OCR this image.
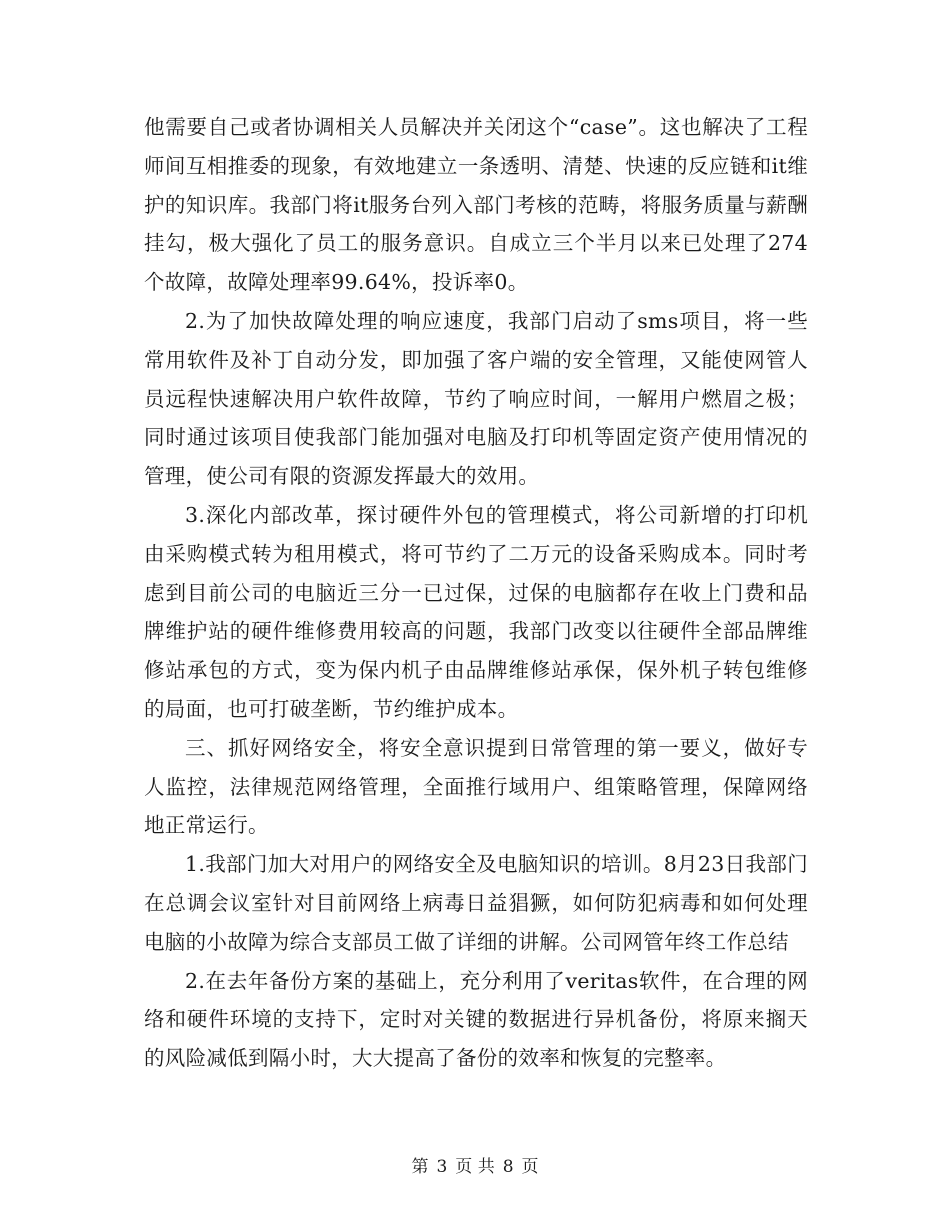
他需要自己或者协调相关人员解决并关闭这个“case”。这也解决了工程师间互相推委的现象，有效地建立一条透明、清楚、快速的反应链和it维护的知识库。我部门将it服务台列入部门考核的范畴，将服务质量与薪酬挂勾，极大强化了员工的服务意识。自成立三个半月以来已处理了274个故障，故障处理率99.64%，投诉率0。

2.为了加快故障处理的响应速度，我部门启动了sms项目，将一些常用软件及补丁自动分发，即加强了客户端的安全管理，又能使网管人员远程快速解决用户软件故障，节约了响应时间，一解用户燃眉之极；同时通过该项目使我部门能加强对电脑及打印机等固定资产使用情况的管理，使公司有限的资源发挥最大的效用。

3.深化内部改革，探讨硬件外包的管理模式，将公司新增的打印机由采购模式转为租用模式，将可节约了二万元的设备采购成本。同时考虑到目前公司的电脑近三分一已过保，过保的电脑都存在收上门费和品牌维护站的硬件维修费用较高的问题，我部门改变以往硬件全部品牌维修站承包的方式，变为保内机子由品牌维修站承保，保外机子转包维修的局面，也可打破垄断，节约维护成本。

三、抓好网络安全，将安全意识提到日常管理的第一要义，做好专人监控，法律规范网络管理，全面推行域用户、组策略管理，保障网络地正常运行。

1.我部门加大对用户的网络安全及电脑知识的培训。8月23日我部门在总调会议室针对目前网络上病毒日益猖獗，如何防犯病毒和如何处理电脑的小故障为综合支部员工做了详细的讲解。公司网管年终工作总结

2.在去年备份方案的基础上，充分利用了veritas软件，在合理的网络和硬件环境的支持下，定时对关键的数据进行异机备份，将原来搁天的风险减低到隔小时，大大提高了备份的效率和恢复的完整率。

第 3 页 共 8 页
